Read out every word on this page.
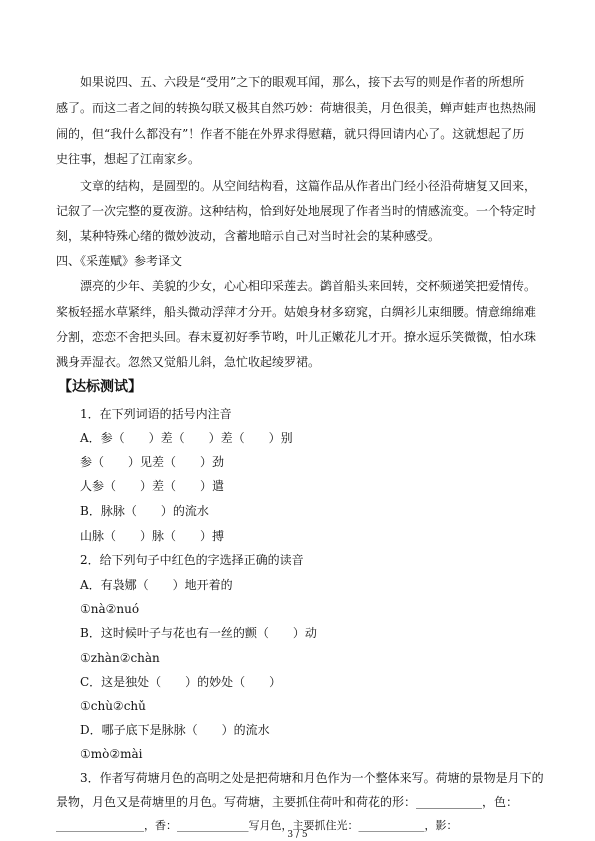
如果说四、五、六段是“受用”之下的眼观耳闻，那么，接下去写的则是作者的所想所
感了。而这二者之间的转换勾联又极其自然巧妙：荷塘很美，月色很美，蝉声蛙声也热热闹
闹的，但“我什么都没有”！作者不能在外界求得慰藉，就只得回请内心了。这就想起了历
史往事，想起了江南家乡。
文章的结构，是圆型的。从空间结构看，这篇作品从作者出门经小径沿荷塘复又回来，
记叙了一次完整的夏夜游。这种结构，恰到好处地展现了作者当时的情感流变。一个特定时
刻，某种特殊心绪的微妙波动，含蓄地暗示自己对当时社会的某种感受。
四、《采莲赋》参考译文
漂亮的少年、美貌的少女，心心相印采莲去。鹢首船头来回转，交杯频递笑把爱情传。
桨板轻摇水草紧绊，船头微动浮萍才分开。姑娘身材多窈窕，白绸衫儿束细腰。情意绵绵难
分割，恋恋不舍把头回。春末夏初好季节哟，叶儿正嫩花儿才开。撩水逗乐笑微微，怕水珠
溅身弄湿衣。忽然又觉船儿斜，急忙收起绫罗裙。
【达标测试】
1．在下列词语的括号内注音
A．参（　　）差（　　）差（　　）别
参（　　）见差（　　）劲
人参（　　）差（　　）遣
B．脉脉（　　）的流水
山脉（　　）脉（　　）搏
2．给下列句子中红色的字选择正确的读音
A．有袅娜（　　）地开着的
①nà②nuó
B．这时候叶子与花也有一丝的颤（　　）动
①zhàn②chàn
C．这是独处（　　）的妙处（　　）
①chù②chǔ
D．哪子底下是脉脉（　　）的流水
①mò②mài
3．作者写荷塘月色的高明之处是把荷塘和月色作为一个整体来写。荷塘的景物是月下的
景物，月色又是荷塘里的月色。写荷塘，主要抓住荷叶和荷花的形：___________，色：
________________，香：_____________写月色，主要抓住光：____________，影：
3 / 5
